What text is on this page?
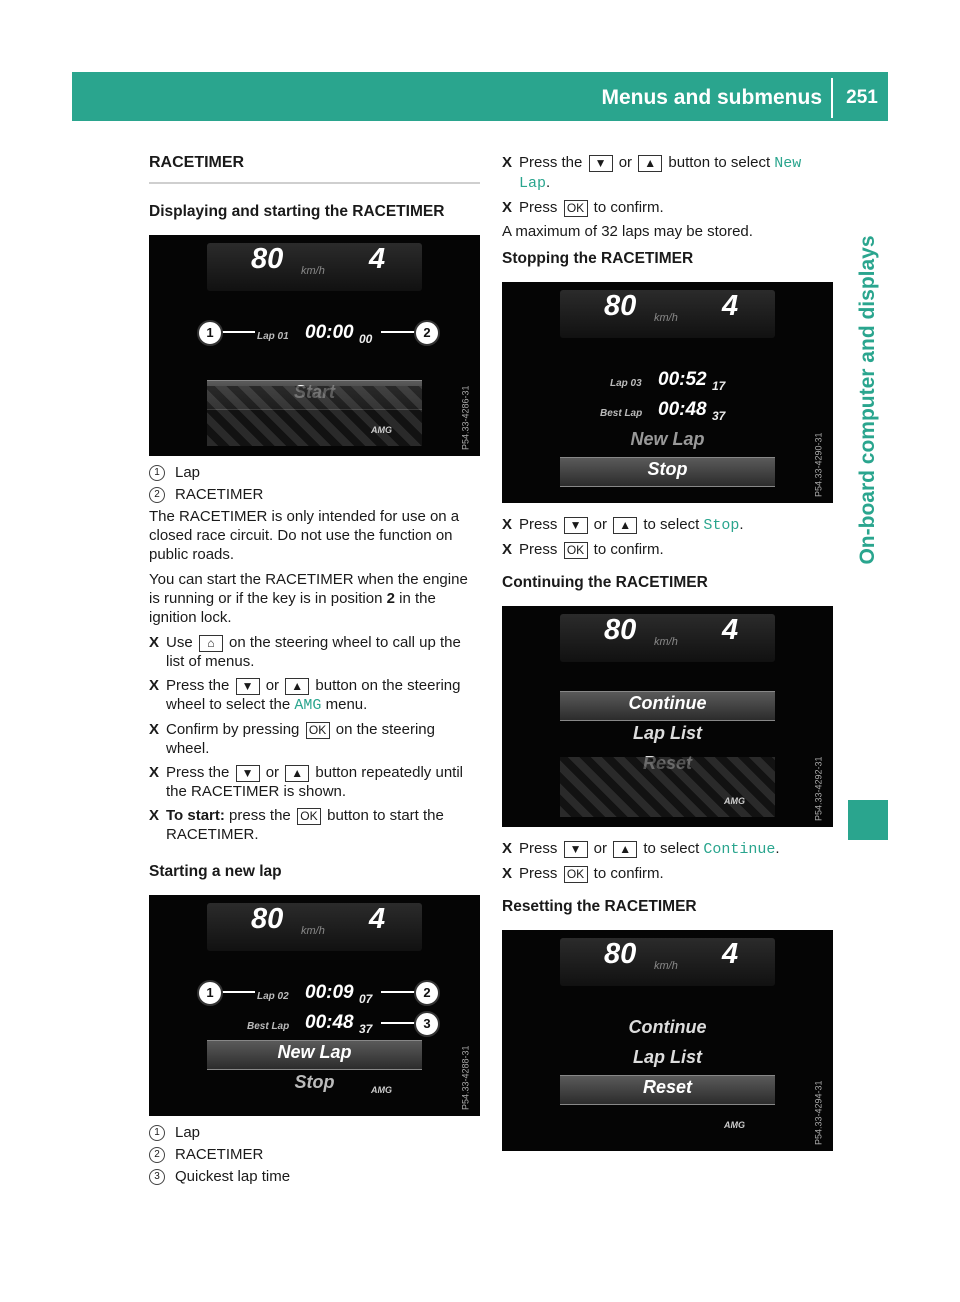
Menus and submenus	251
On-board computer and displays
RACETIMER
Displaying and starting the RACETIMER
80 km/h 4
Lap 01 00:00 00
AMG	P54.33-4286-31
1	2
1	Lap
2	RACETIMER

The RACETIMER is only intended for use on a closed race circuit. Do not use the function on public roads.

You can start the RACETIMER when the engine is running or if the key is in position 2 in the ignition lock.

X Use ⌂ on the steering wheel to call up the list of menus.
X Press the ▼ or ▲ button on the steering wheel to select the AMG menu.
X Confirm by pressing OK on the steering wheel.
X Press the ▼ or ▲ button repeatedly until the RACETIMER is shown.
X To start: press the OK button to start the RACETIMER.
Starting a new lap
80 km/h 4
Lap 02 00:09 07
Best Lap 00:48 37
New Lap
Stop	AMG	P54.33-4288-31
1	2
3
1	Lap
2	RACETIMER
3	Quickest lap time
X Press the ▼ or ▲ button to select New Lap.
X Press OK to confirm.

A maximum of 32 laps may be stored.

Stopping the RACETIMER
80 km/h 4
Lap 03 00:52 17
Best Lap 00:48 37
New Lap
Stop	P54.33-4290-31
X Press ▼ or ▲ to select Stop.
X Press OK to confirm.
Continuing the RACETIMER
80 km/h 4
Continue
Lap List
AMG	P54.33-4292-31
X Press ▼ or ▲ to select Continue.
X Press OK to confirm.
Resetting the RACETIMER
80 km/h 4
Continue
Lap List
Reset
AMG	P54.33-4294-31
